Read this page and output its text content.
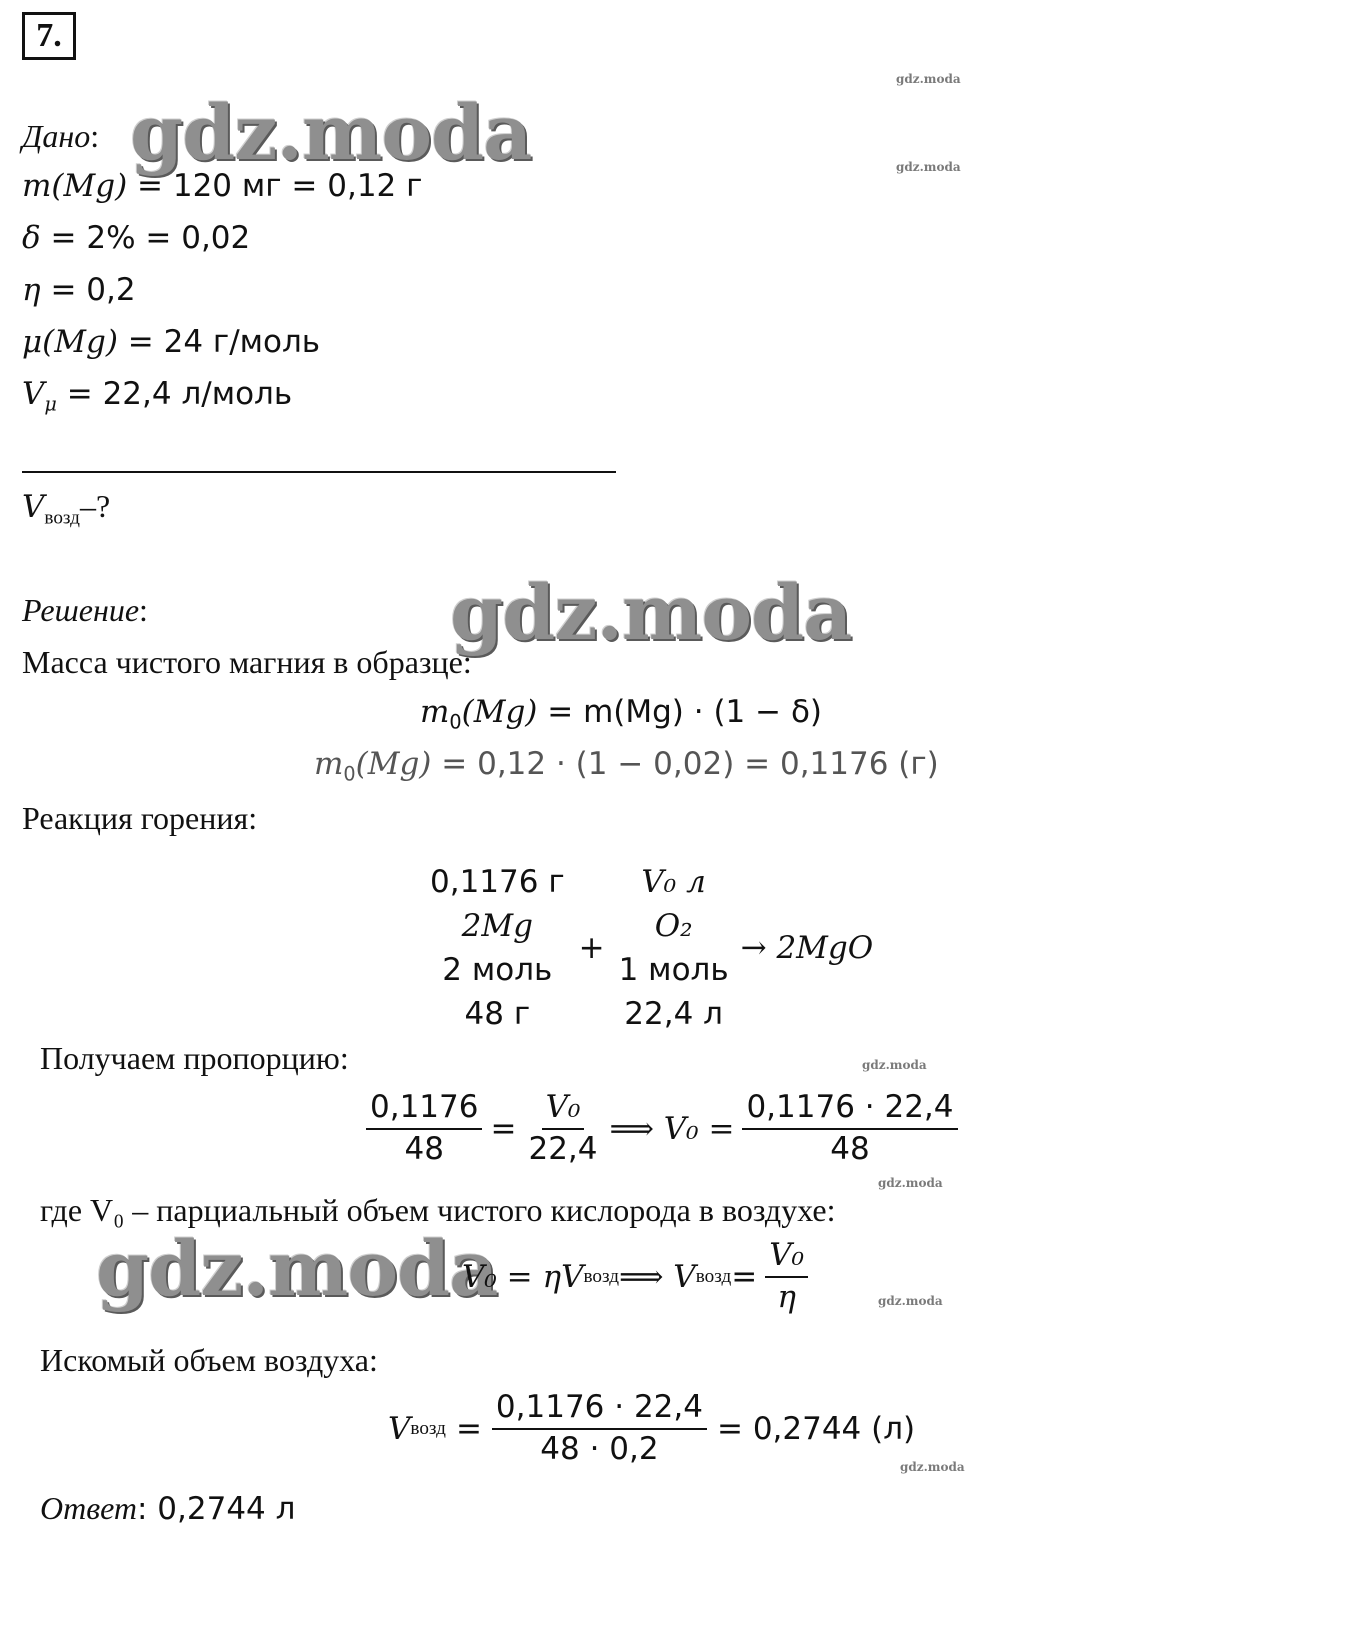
7.
gdz.moda
gdz.moda
gdz.moda
gdz.moda
gdz.moda
gdz.moda
gdz.moda
gdz.moda
gdz.moda
Дано:
m(Mg) = 120 мг = 0,12 г
δ = 2% = 0,02
η = 0,2
μ(Mg) = 24 г/моль
$V_\mu = 22,4$ л/моль
$V_{возд}-$?
Решение:
Масса чистого магния в образце:
$m_0(Mg) = m(Mg) \cdot (1 - \delta)$
$m_0(Mg) = 0,12 \cdot (1 - 0,02) = 0,1176$ (г)
Реакция горения:
0,1176 г
2Mg
2 моль
48 г
+
V₀ л
O₂
1 моль
22,4 л
→ 2MgO
Получаем пропорцию:
$\frac{0,1176}{48} = \frac{\text{V₀}}{22,4}$ ⟹ $V_0 = \frac{0,1176 \cdot 22,4}{48}$
где V₀ – парциальный объем чистого кислорода в воздухе:
V₀ = ηV возд ⟹ V возд = $\frac{\text{V₀}}{\eta}$
Искомый объем воздуха:
V возд = $\frac{0,1176 \cdot 22,4}{48 \cdot 0,2} = 0,2744$ (л)
Ответ: 0,2744 л
